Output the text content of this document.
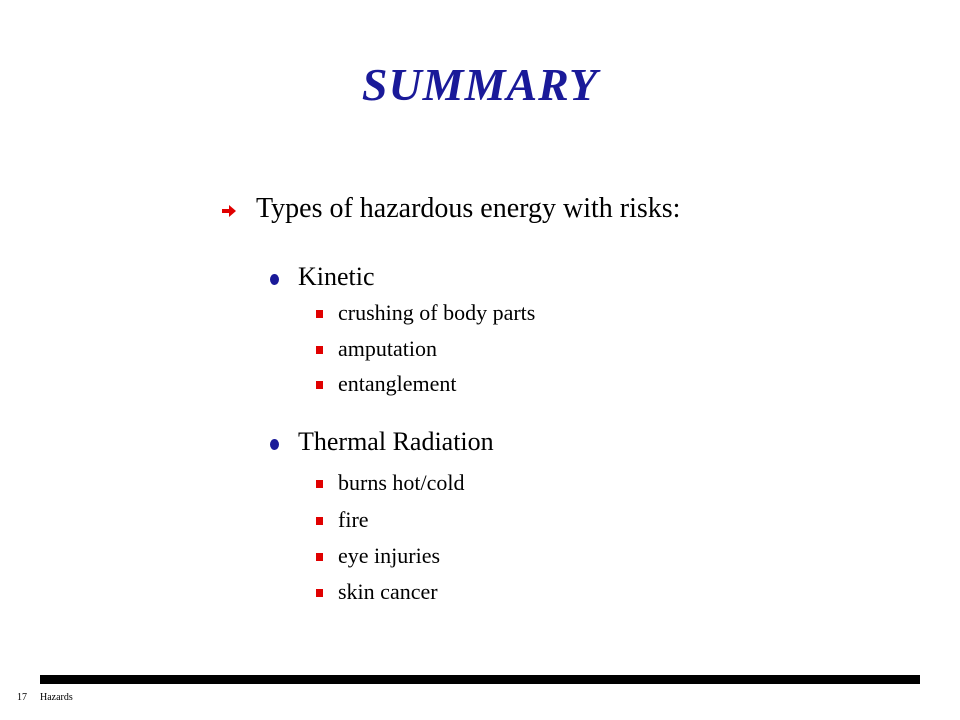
SUMMARY
Types of hazardous energy with risks:
Kinetic
crushing of body parts
amputation
entanglement
Thermal Radiation
burns hot/cold
fire
eye injuries
skin cancer
17 Hazards
